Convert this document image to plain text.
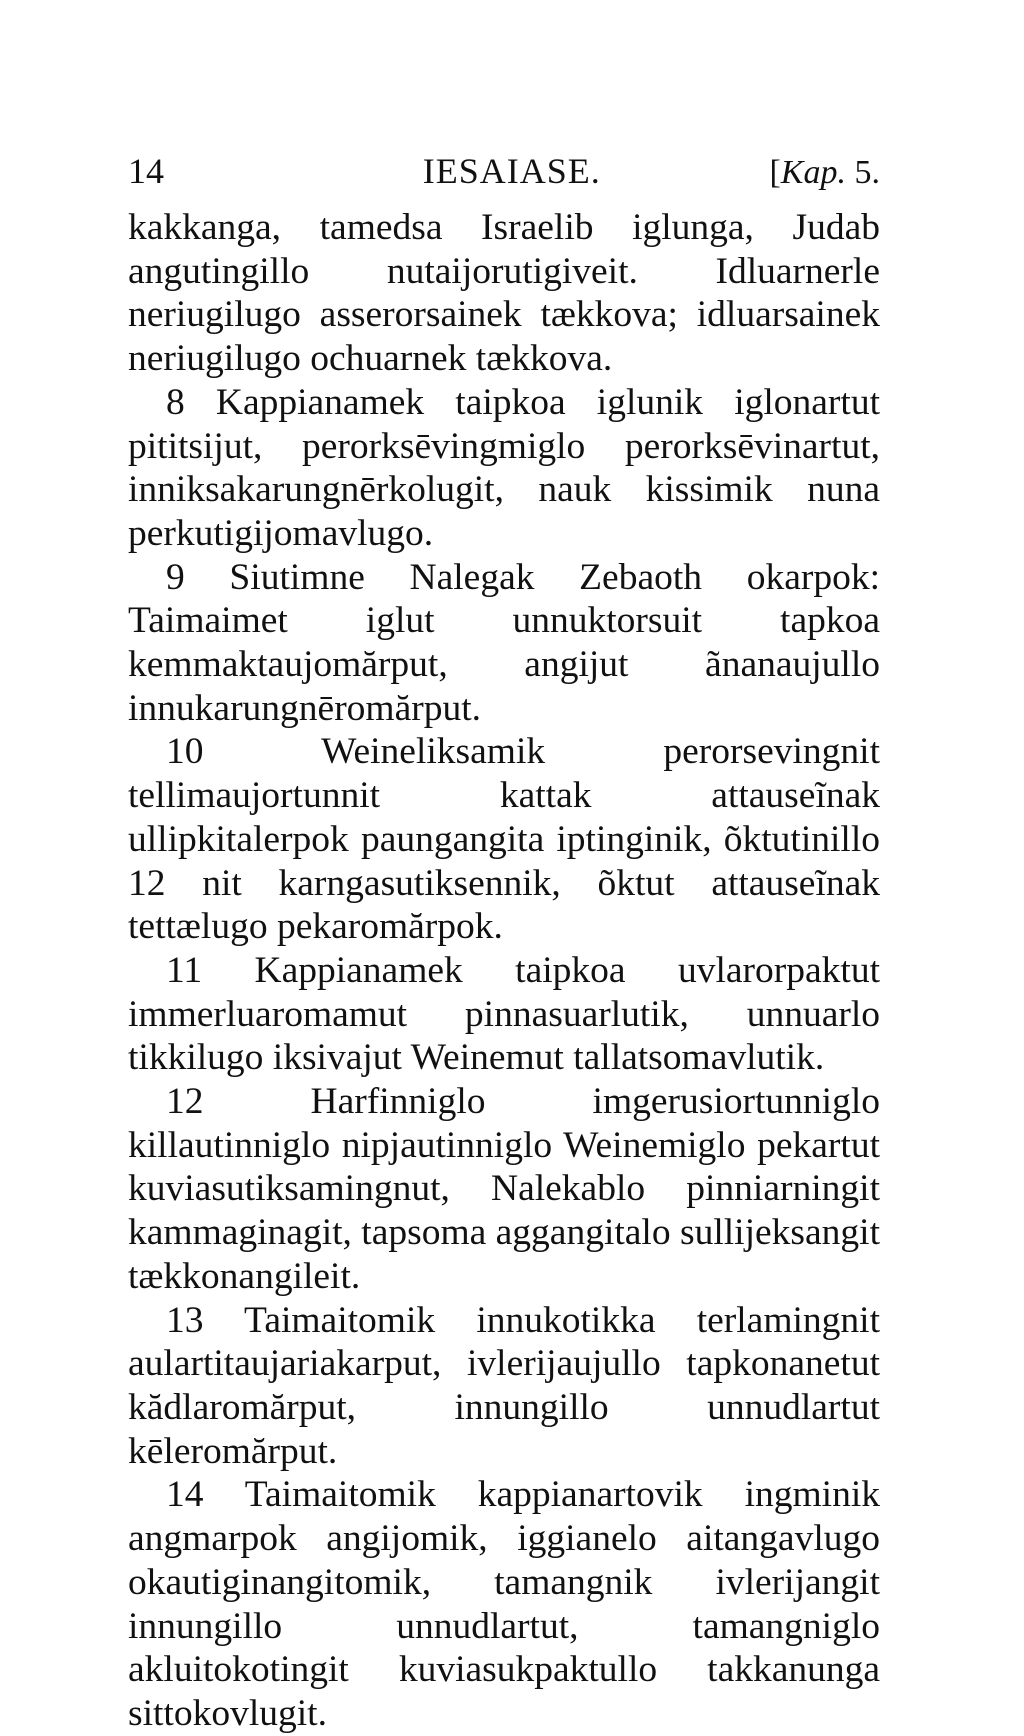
14	IESAIASE.	[Kap. 5.

kakkanga, tamedsa Israelib iglunga, Judab angutingillo nutaijorutigiveit. Idluarnerle neriugilugo asserorsainek tækkova; idluarsainek neriugilugo ochuarnek tækkova.

8 Kappianamek taipkoa iglunik iglonartut pititsijut, perorksēvingmiglo perorksēvinartut, inniksakarungnērkolugit, nauk kissimik nuna perkutigijomavlugo.

9 Siutimne Nalegak Zebaoth okarpok: Taimaimet iglut unnuktorsuit tapkoa kemmaktaujomărput, angijut ãnanaujullo innukarungnēromărput.

10 Weineliksamik perorsevingnit tellimaujortunnit kattak attauseĩnak ullipkitalerpok paungangita iptinginik, õktutinillo 12 nit karngasutiksennik, õktut attauseĩnak tettælugo pekaromărpok.

11 Kappianamek taipkoa uvlarorpaktut immerluaromamut pinnasuarlutik, unnuarlo tikkilugo iksivajut Weinemut tallatsomavlutik.

12 Harfinniglo imgerusiortunniglo killautinniglo nipjautinniglo Weinemiglo pekartut kuviasutiksamingnut, Nalekablo pinniarningit kammaginagit, tapsoma aggangitalo sullijeksangit tækkonangileit.

13 Taimaitomik innukotikka terlamingnit aulartitaujariakarput, ivlerijaujullo tapkonanetut kădlaromărput, innungillo unnudlartut kēleromărput.

14 Taimaitomik kappianartovik ingminik angmarpok angijomik, iggianelo aitangavlugo okautiginangitomik, tamangnik ivlerijangit innungillo unnudlartut, tamangniglo akluitokotingit kuviasukpaktullo takkanunga sittokovlugit.
